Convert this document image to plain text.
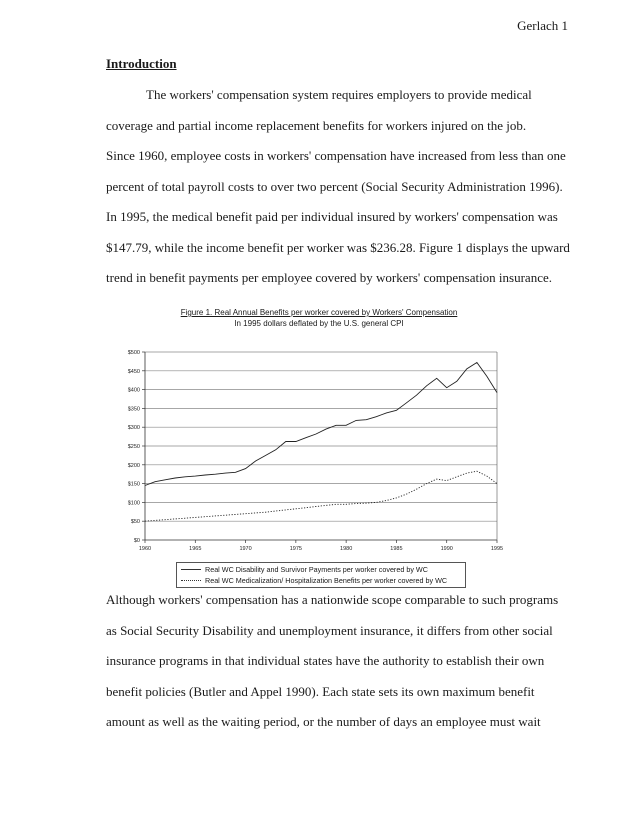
Gerlach 1
Introduction
The workers' compensation system requires employers to provide medical
coverage and partial income replacement benefits for workers injured on the job.
Since 1960, employee costs in workers' compensation have increased from less than one
percent of total payroll costs to over two percent (Social Security Administration 1996).
In 1995, the medical benefit paid per individual insured by workers' compensation was
$147.79, while the income benefit per worker was $236.28. Figure 1 displays the upward
trend in benefit payments per employee covered by workers' compensation insurance.
Figure 1. Real Annual Benefits per worker covered by Workers' Compensation
In 1995 dollars deflated by the U.S. general CPI
$0
$50
$100
$150
$200
$250
$300
$350
$400
$450
$500
1960	1965	1970	1975	1980	1985	1990	1995
Real WC Disability and Survivor Payments per worker covered by WC
Real WC Medicalization/ Hospitalization Benefits per worker covered by WC
Although workers' compensation has a nationwide scope comparable to such programs
as Social Security Disability and unemployment insurance, it differs from other social
insurance programs in that individual states have the authority to establish their own
benefit policies (Butler and Appel 1990). Each state sets its own maximum benefit
amount as well as the waiting period, or the number of days an employee must wait
